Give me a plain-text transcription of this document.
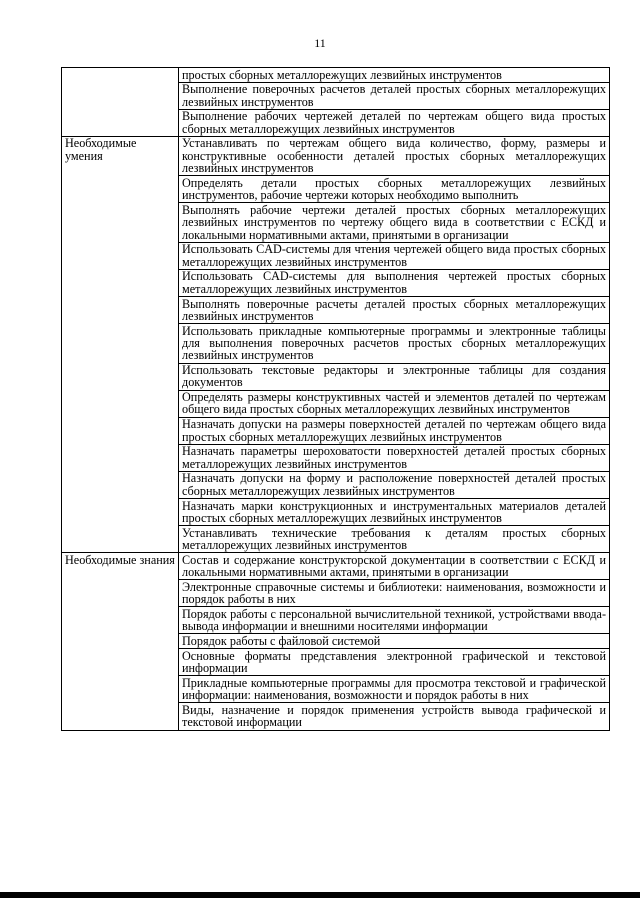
11
	простых сборных металлорежущих лезвийных инструментов
	Выполнение поверочных расчетов деталей простых сборных металлорежущих лезвийных инструментов
	Выполнение рабочих чертежей деталей по чертежам общего вида простых сборных металлорежущих лезвийных инструментов
Необходимые умения	Устанавливать по чертежам общего вида количество, форму, размеры и конструктивные особенности деталей простых сборных металлорежущих лезвийных инструментов
	Определять детали простых сборных металлорежущих лезвийных инструментов, рабочие чертежи которых необходимо выполнить
	Выполнять рабочие чертежи деталей простых сборных металлорежущих лезвийных инструментов по чертежу общего вида в соответствии с ЕСКД и локальными нормативными актами, принятыми в организации
	Использовать CAD-системы для чтения чертежей общего вида простых сборных металлорежущих лезвийных инструментов
	Использовать CAD-системы для выполнения чертежей простых сборных металлорежущих лезвийных инструментов
	Выполнять поверочные расчеты деталей простых сборных металлорежущих лезвийных инструментов
	Использовать прикладные компьютерные программы и электронные таблицы для выполнения поверочных расчетов простых сборных металлорежущих лезвийных инструментов
	Использовать текстовые редакторы и электронные таблицы для создания документов
	Определять размеры конструктивных частей и элементов деталей по чертежам общего вида простых сборных металлорежущих лезвийных инструментов
	Назначать допуски на размеры поверхностей деталей по чертежам общего вида простых сборных металлорежущих лезвийных инструментов
	Назначать параметры шероховатости поверхностей деталей простых сборных металлорежущих лезвийных инструментов
	Назначать допуски на форму и расположение поверхностей деталей простых сборных металлорежущих лезвийных инструментов
	Назначать марки конструкционных и инструментальных материалов деталей простых сборных металлорежущих лезвийных инструментов
	Устанавливать технические требования к деталям простых сборных металлорежущих лезвийных инструментов
Необходимые знания	Состав и содержание конструкторской документации в соответствии с ЕСКД и локальными нормативными актами, принятыми в организации
	Электронные справочные системы и библиотеки: наименования, возможности и порядок работы в них
	Порядок работы с персональной вычислительной техникой, устройствами ввода-вывода информации и внешними носителями информации
	Порядок работы с файловой системой
	Основные форматы представления электронной графической и текстовой информации
	Прикладные компьютерные программы для просмотра текстовой и графической информации: наименования, возможности и порядок работы в них
	Виды, назначение и порядок применения устройств вывода графической и текстовой информации
